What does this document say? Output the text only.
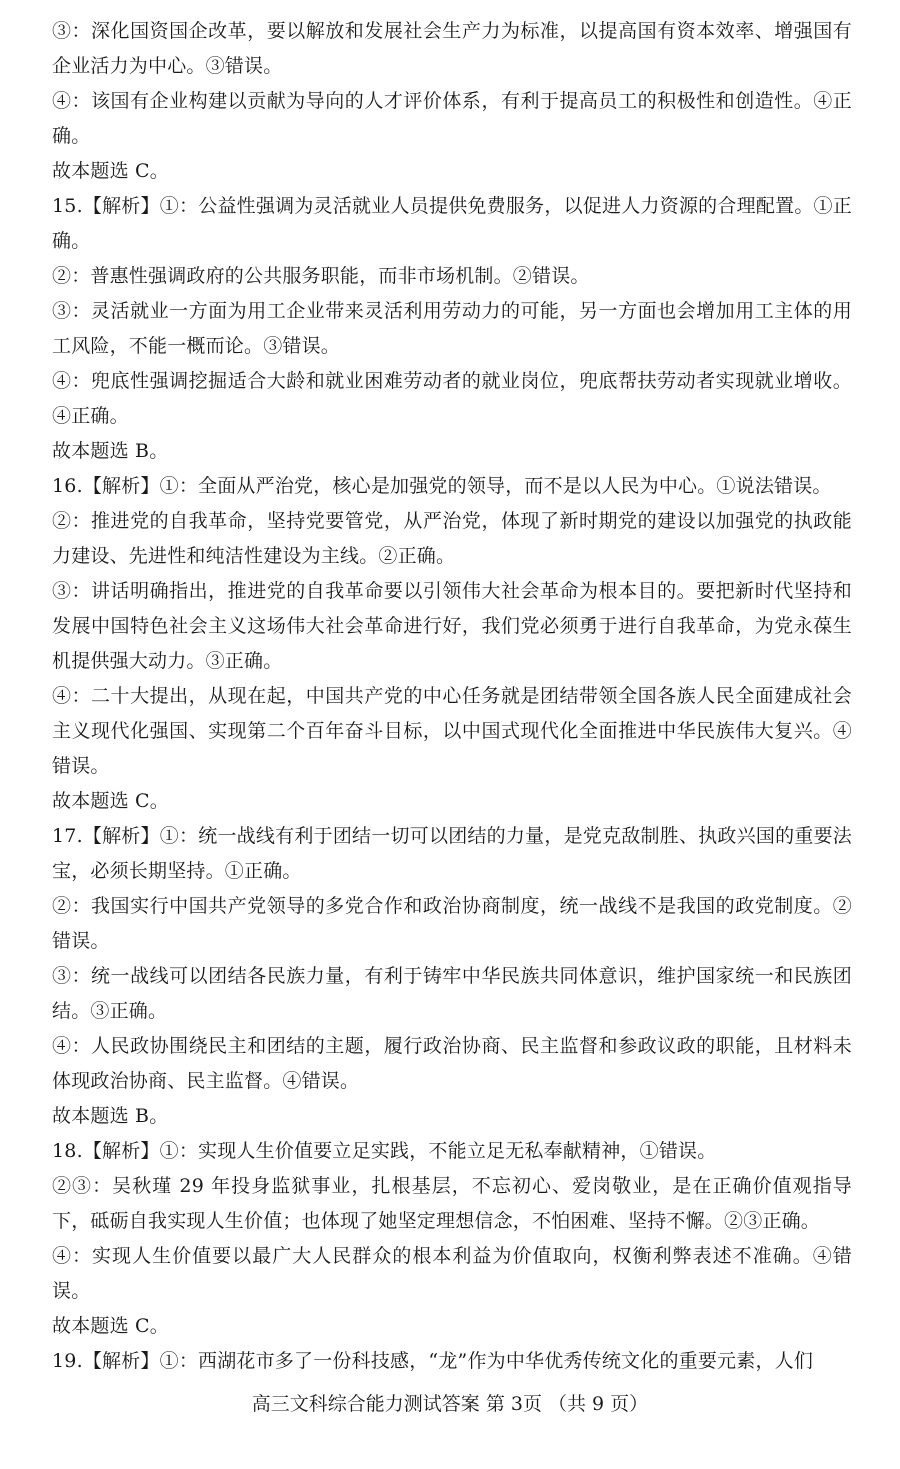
③：深化国资国企改革，要以解放和发展社会生产力为标准，以提高国有资本效率、增强国有企业活力为中心。③错误。

④：该国有企业构建以贡献为导向的人才评价体系，有利于提高员工的积极性和创造性。④正确。

故本题选 C。

15.【解析】①：公益性强调为灵活就业人员提供免费服务，以促进人力资源的合理配置。①正确。

②：普惠性强调政府的公共服务职能，而非市场机制。②错误。

③：灵活就业一方面为用工企业带来灵活利用劳动力的可能，另一方面也会增加用工主体的用工风险，不能一概而论。③错误。

④：兜底性强调挖掘适合大龄和就业困难劳动者的就业岗位，兜底帮扶劳动者实现就业增收。④正确。

故本题选 B。

16.【解析】①：全面从严治党，核心是加强党的领导，而不是以人民为中心。①说法错误。

②：推进党的自我革命，坚持党要管党，从严治党，体现了新时期党的建设以加强党的执政能力建设、先进性和纯洁性建设为主线。②正确。

③：讲话明确指出，推进党的自我革命要以引领伟大社会革命为根本目的。要把新时代坚持和发展中国特色社会主义这场伟大社会革命进行好，我们党必须勇于进行自我革命，为党永葆生机提供强大动力。③正确。

④：二十大提出，从现在起，中国共产党的中心任务就是团结带领全国各族人民全面建成社会主义现代化强国、实现第二个百年奋斗目标，以中国式现代化全面推进中华民族伟大复兴。④错误。

故本题选 C。

17.【解析】①：统一战线有利于团结一切可以团结的力量，是党克敌制胜、执政兴国的重要法宝，必须长期坚持。①正确。

②：我国实行中国共产党领导的多党合作和政治协商制度，统一战线不是我国的政党制度。②错误。

③：统一战线可以团结各民族力量，有利于铸牢中华民族共同体意识，维护国家统一和民族团结。③正确。

④：人民政协围绕民主和团结的主题，履行政治协商、民主监督和参政议政的职能，且材料未体现政治协商、民主监督。④错误。

故本题选 B。

18.【解析】①：实现人生价值要立足实践，不能立足无私奉献精神，①错误。

②③：吴秋瑾 29 年投身监狱事业，扎根基层，不忘初心、爱岗敬业，是在正确价值观指导下，砥砺自我实现人生价值；也体现了她坚定理想信念，不怕困难、坚持不懈。②③正确。

④：实现人生价值要以最广大人民群众的根本利益为价值取向，权衡利弊表述不准确。④错误。

故本题选 C。

19.【解析】①：西湖花市多了一份科技感，“龙”作为中华优秀传统文化的重要元素，人们

高三文科综合能力测试答案 第 3页 （共 9 页）
